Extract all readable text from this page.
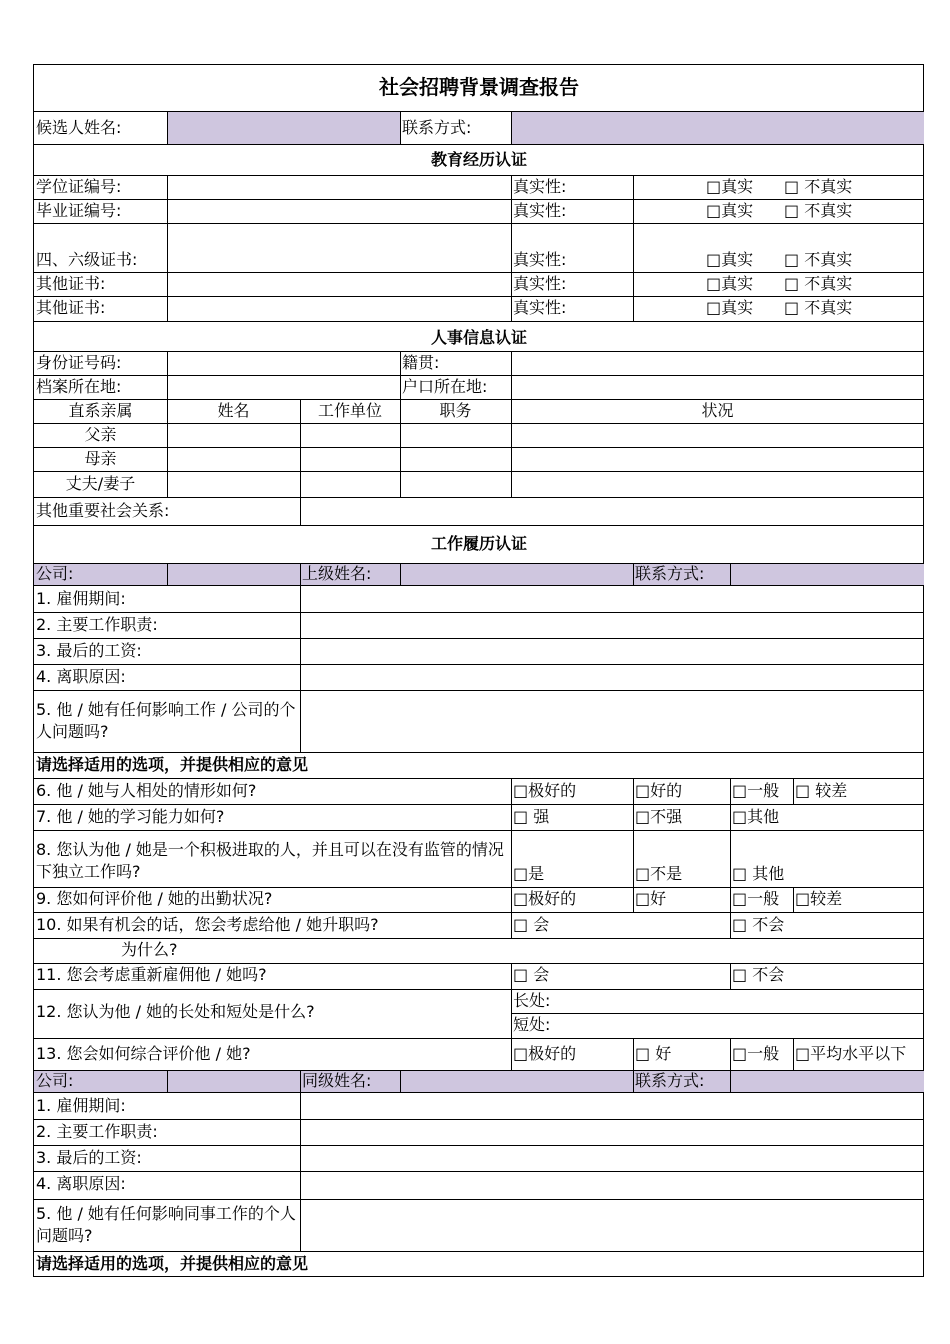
社会招聘背景调查报告
候选人姓名:	联系方式:
教育经历认证
学位证编号:	真实性:	□真实 □ 不真实
毕业证编号:	真实性:	□真实 □ 不真实
四、六级证书:	真实性:	□真实 □ 不真实
其他证书:	真实性:	□真实 □ 不真实
其他证书:	真实性:	□真实 □ 不真实
人事信息认证
身份证号码:	籍贯:
档案所在地:	户口所在地:
直系亲属	姓名	工作单位	职务	状况
父亲
母亲
丈夫/妻子
其他重要社会关系:
工作履历认证
公司:	上级姓名:	联系方式:
1. 雇佣期间:
2. 主要工作职责:
3. 最后的工资:
4. 离职原因:
5. 他 / 她有任何影响工作 / 公司的个人问题吗?
请选择适用的选项，并提供相应的意见
6. 他 / 她与人相处的情形如何?	□极好的	□好的	□一般 □ 较差
7. 他 / 她的学习能力如何?	□ 强	□不强	□其他
8. 您认为他 / 她是一个积极进取的人，并且可以在没有监管的情况下独立工作吗?	□是	□不是	□ 其他
9. 您如何评价他 / 她的出勤状况?	□极好的	□好	□一般 □较差
10. 如果有机会的话，您会考虑给他 / 她升职吗?	□ 会	□ 不会
为什么?
11. 您会考虑重新雇佣他 / 她吗?	□ 会	□ 不会
12. 您认为他 / 她的长处和短处是什么?
长处:
短处:
13. 您会如何综合评价他 / 她?	□极好的	□ 好	□一般 □平均水平以下
公司:	同级姓名:	联系方式:
1. 雇佣期间:
2. 主要工作职责:
3. 最后的工资:
4. 离职原因:
5. 他 / 她有任何影响同事工作的个人问题吗?
请选择适用的选项，并提供相应的意见
